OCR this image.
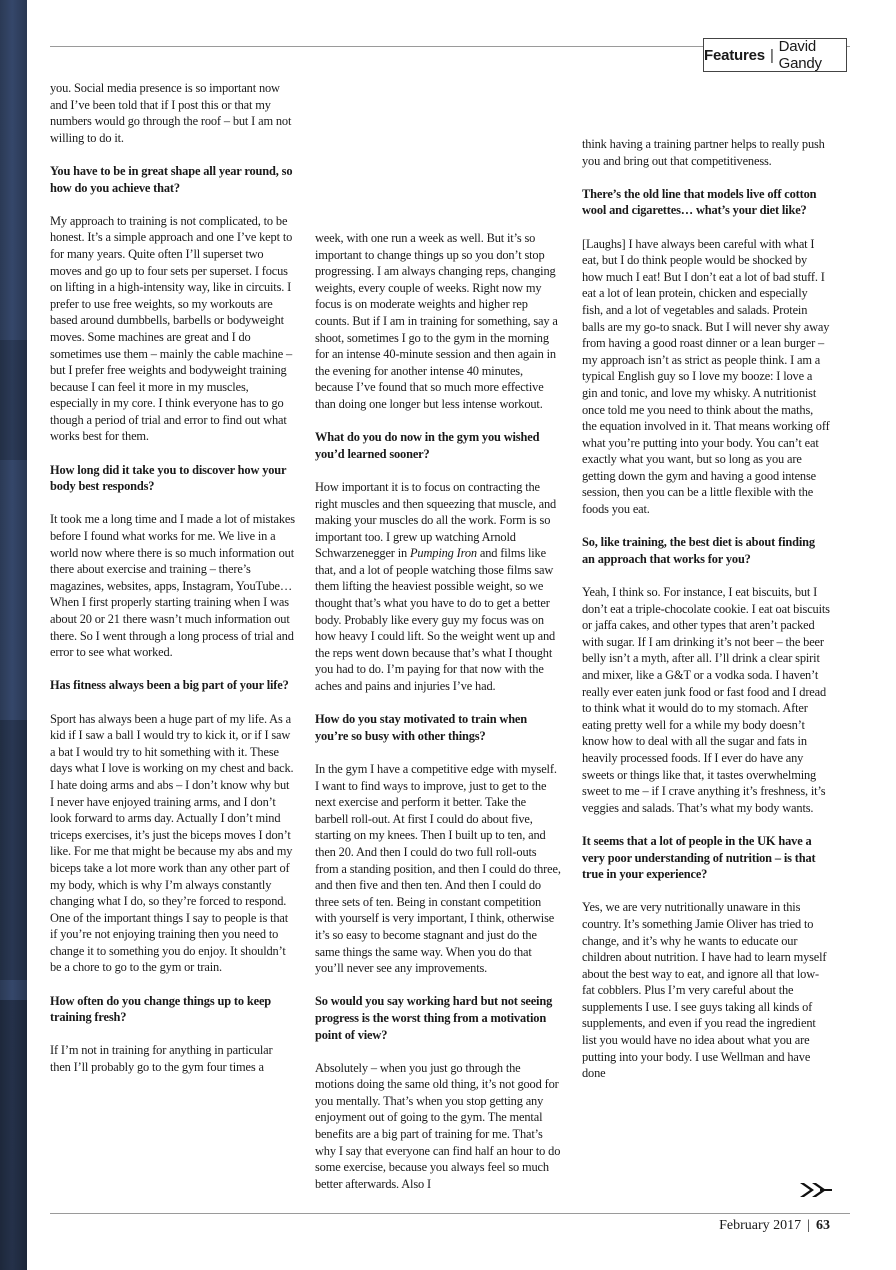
Features | David Gandy

you. Social media presence is so important now and I’ve been told that if I post this or that my numbers would go through the roof – but I am not willing to do it.

You have to be in great shape all year round, so how do you achieve that?

My approach to training is not complicated, to be honest. It’s a simple approach and one I’ve kept to for many years. Quite often I’ll superset two moves and go up to four sets per superset. I focus on lifting in a high-intensity way, like in circuits. I prefer to use free weights, so my workouts are based around dumbbells, barbells or bodyweight moves. Some machines are great and I do sometimes use them – mainly the cable machine – but I prefer free weights and bodyweight training because I can feel it more in my muscles, especially in my core. I think everyone has to go though a period of trial and error to find out what works best for them.

How long did it take you to discover how your body best responds?

It took me a long time and I made a lot of mistakes before I found what works for me. We live in a world now where there is so much information out there about exercise and training – there’s magazines, websites, apps, Instagram, YouTube… When I first properly starting training when I was about 20 or 21 there wasn’t much information out there. So I went through a long process of trial and error to see what worked.

Has fitness always been a big part of your life?

Sport has always been a huge part of my life. As a kid if I saw a ball I would try to kick it, or if I saw a bat I would try to hit something with it. These days what I love is working on my chest and back. I hate doing arms and abs – I don’t know why but I never have enjoyed training arms, and I don’t look forward to arms day. Actually I don’t mind triceps exercises, it’s just the biceps moves I don’t like. For me that might be because my abs and my biceps take a lot more work than any other part of my body, which is why I’m always constantly changing what I do, so they’re forced to respond. One of the important things I say to people is that if you’re not enjoying training then you need to change it to something you do enjoy. It shouldn’t be a chore to go to the gym or train.

How often do you change things up to keep training fresh?

If I’m not in training for anything in particular then I’ll probably go to the gym four times a

week, with one run a week as well. But it’s so important to change things up so you don’t stop progressing. I am always changing reps, changing weights, every couple of weeks. Right now my focus is on moderate weights and higher rep counts. But if I am in training for something, say a shoot, sometimes I go to the gym in the morning for an intense 40-minute session and then again in the evening for another intense 40 minutes, because I’ve found that so much more effective than doing one longer but less intense workout.

What do you do now in the gym you wished you’d learned sooner?

How important it is to focus on contracting the right muscles and then squeezing that muscle, and making your muscles do all the work. Form is so important too. I grew up watching Arnold Schwarzenegger in Pumping Iron and films like that, and a lot of people watching those films saw them lifting the heaviest possible weight, so we thought that’s what you have to do to get a better body. Probably like every guy my focus was on how heavy I could lift. So the weight went up and the reps went down because that’s what I thought you had to do. I’m paying for that now with the aches and pains and injuries I’ve had.

How do you stay motivated to train when you’re so busy with other things?

In the gym I have a competitive edge with myself. I want to find ways to improve, just to get to the next exercise and perform it better. Take the barbell roll-out. At first I could do about five, starting on my knees. Then I built up to ten, and then 20. And then I could do two full roll-outs from a standing position, and then I could do three, and then five and then ten. And then I could do three sets of ten. Being in constant competition with yourself is very important, I think, otherwise it’s so easy to become stagnant and just do the same things the same way. When you do that you’ll never see any improvements.

So would you say working hard but not seeing progress is the worst thing from a motivation point of view?

Absolutely – when you just go through the motions doing the same old thing, it’s not good for you mentally. That’s when you stop getting any enjoyment out of going to the gym. The mental benefits are a big part of training for me. That’s why I say that everyone can find half an hour to do some exercise, because you always feel so much better afterwards. Also I

think having a training partner helps to really push you and bring out that competitiveness.

There’s the old line that models live off cotton wool and cigarettes… what’s your diet like?

[Laughs] I have always been careful with what I eat, but I do think people would be shocked by how much I eat! But I don’t eat a lot of bad stuff. I eat a lot of lean protein, chicken and especially fish, and a lot of vegetables and salads. Protein balls are my go-to snack. But I will never shy away from having a good roast dinner or a lean burger – my approach isn’t as strict as people think. I am a typical English guy so I love my booze: I love a gin and tonic, and love my whisky. A nutritionist once told me you need to think about the maths, the equation involved in it. That means working off what you’re putting into your body. You can’t eat exactly what you want, but so long as you are getting down the gym and having a good intense session, then you can be a little flexible with the foods you eat.

So, like training, the best diet is about finding an approach that works for you?

Yeah, I think so. For instance, I eat biscuits, but I don’t eat a triple-chocolate cookie. I eat oat biscuits or jaffa cakes, and other types that aren’t packed with sugar. If I am drinking it’s not beer – the beer belly isn’t a myth, after all. I’ll drink a clear spirit and mixer, like a G&T or a vodka soda. I haven’t really ever eaten junk food or fast food and I dread to think what it would do to my stomach. After eating pretty well for a while my body doesn’t know how to deal with all the sugar and fats in heavily processed foods. If I ever do have any sweets or things like that, it tastes overwhelming sweet to me – if I crave anything it’s freshness, it’s veggies and salads. That’s what my body wants.

It seems that a lot of people in the UK have a very poor understanding of nutrition – is that true in your experience?

Yes, we are very nutritionally unaware in this country. It’s something Jamie Oliver has tried to change, and it’s why he wants to educate our children about nutrition. I have had to learn myself about the best way to eat, and ignore all that low-fat cobblers. Plus I’m very careful about the supplements I use. I see guys taking all kinds of supplements, and even if you read the ingredient list you would have no idea about what you are putting into your body. I use Wellman and have done

February 2017 | 63
